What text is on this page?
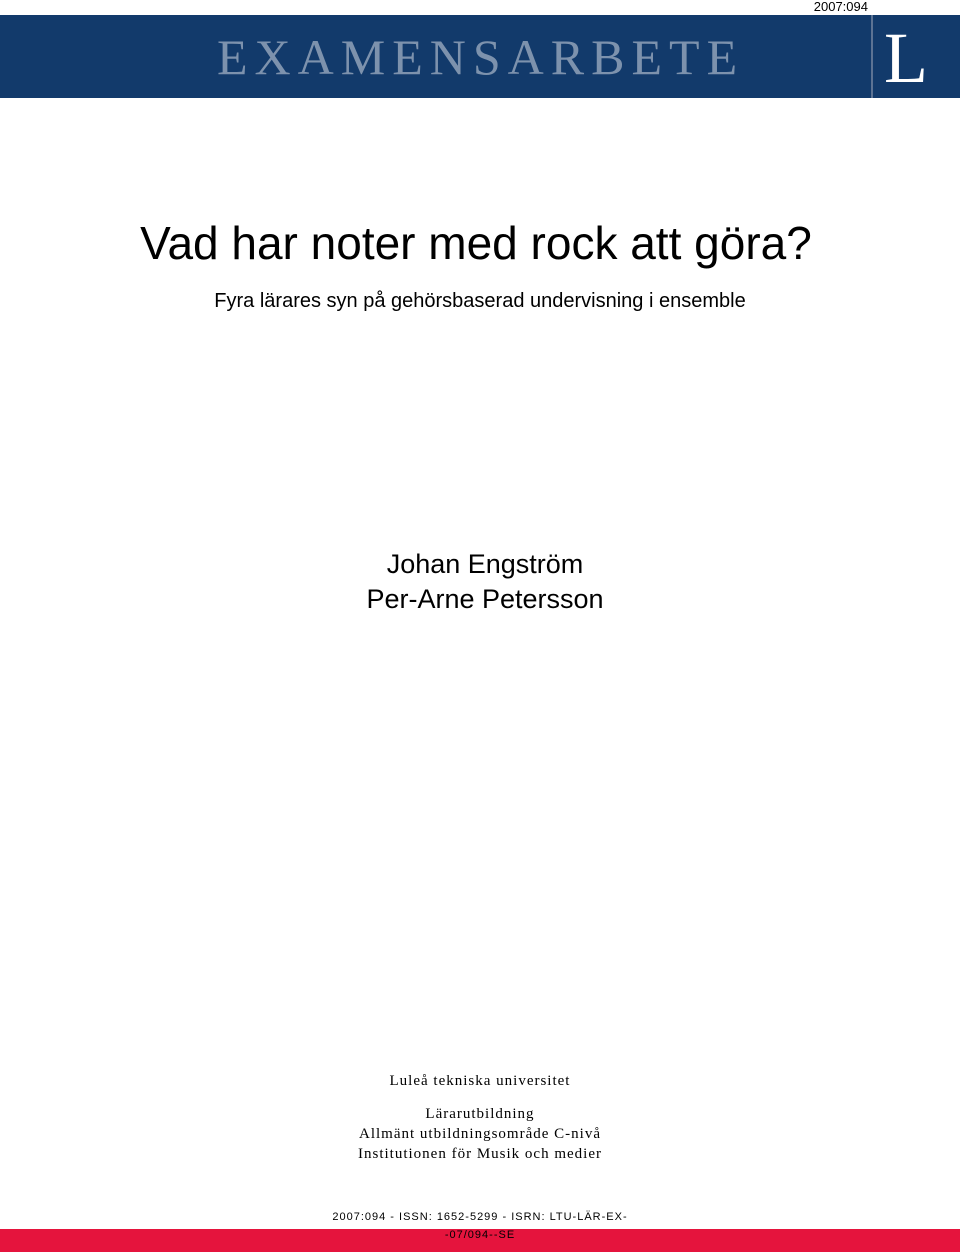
2007:094
EXAMENSARBETE L
Vad har noter med rock att göra?
Fyra lärares syn på gehörsbaserad undervisning i ensemble
Johan Engström
Per-Arne Petersson
Luleå tekniska universitet
Lärarutbildning
Allmänt utbildningsområde C-nivå
Institutionen för Musik och medier
2007:094 - ISSN: 1652-5299 - ISRN: LTU-LÄR-EX--07/094--SE
